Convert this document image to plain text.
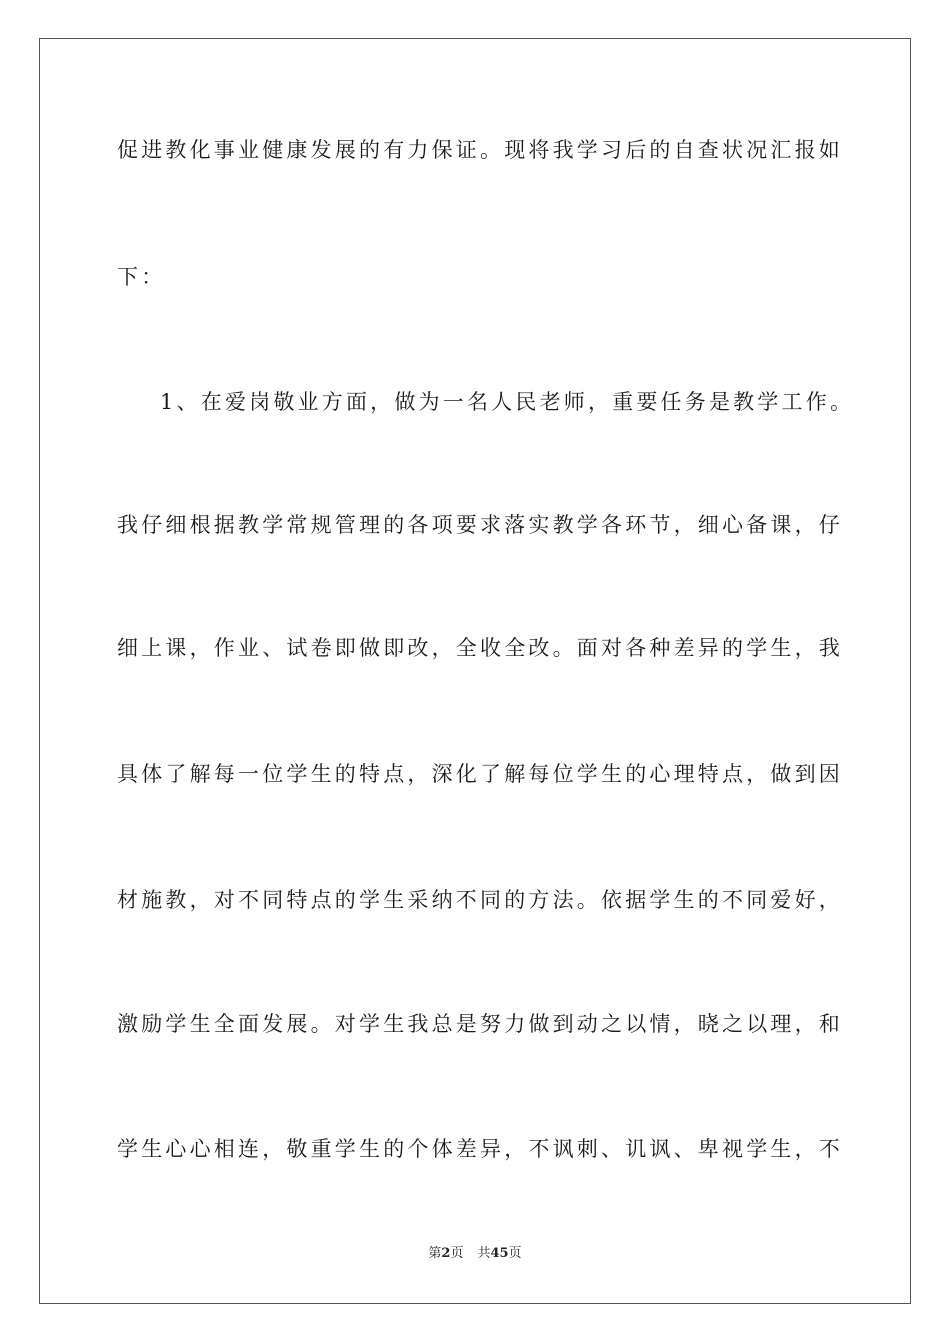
促进教化事业健康发展的有力保证。现将我学习后的自查状况汇报如
下：
1、在爱岗敬业方面，做为一名人民老师，重要任务是教学工作。
我仔细根据教学常规管理的各项要求落实教学各环节，细心备课，仔
细上课，作业、试卷即做即改，全收全改。面对各种差异的学生，我
具体了解每一位学生的特点，深化了解每位学生的心理特点，做到因
材施教，对不同特点的学生采纳不同的方法。依据学生的不同爱好，
激励学生全面发展。对学生我总是努力做到动之以情，晓之以理，和
学生心心相连，敬重学生的个体差异，不讽刺、讥讽、卑视学生，不
第2页 共45页
